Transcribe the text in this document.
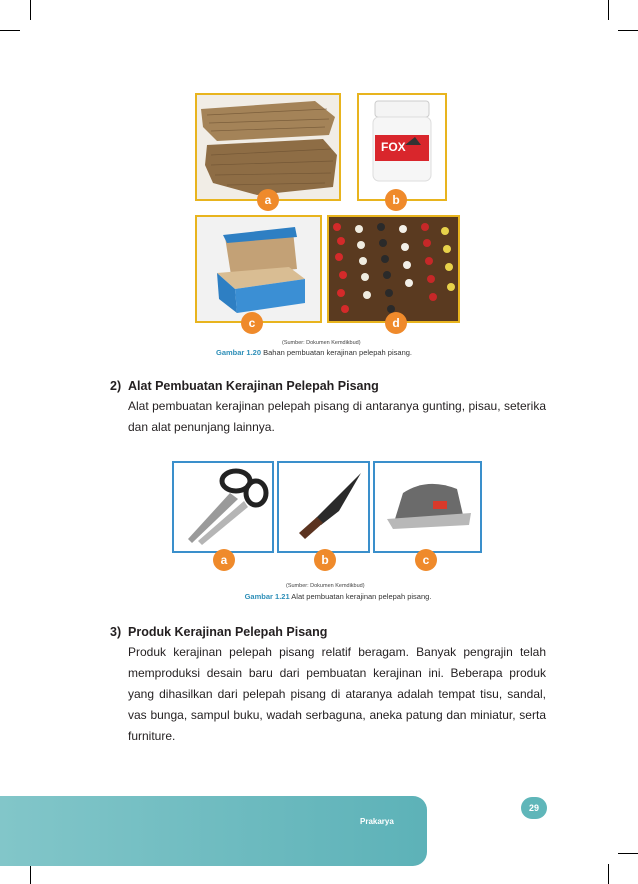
FOX
a	b
c	d
(Sumber: Dokumen Kemdikbud)
Gambar 1.20 Bahan pembuatan kerajinan pelepah pisang.
2) Alat Pembuatan Kerajinan Pelepah Pisang
Alat pembuatan kerajinan pelepah pisang di antaranya gunting, pisau, seterika dan alat penunjang lainnya.
a	b	c
(Sumber: Dokumen Kemdikbud)
Gambar 1.21 Alat pembuatan kerajinan pelepah pisang.
3) Produk Kerajinan Pelepah Pisang
Produk kerajinan pelepah pisang relatif beragam. Banyak pengrajin telah memproduksi desain baru dari pembuatan kerajinan ini. Beberapa produk yang dihasilkan dari pelepah pisang di ataranya adalah tempat tisu, sandal, vas bunga, sampul buku, wadah serbaguna, aneka patung dan miniatur, serta furniture.
Prakarya
29
